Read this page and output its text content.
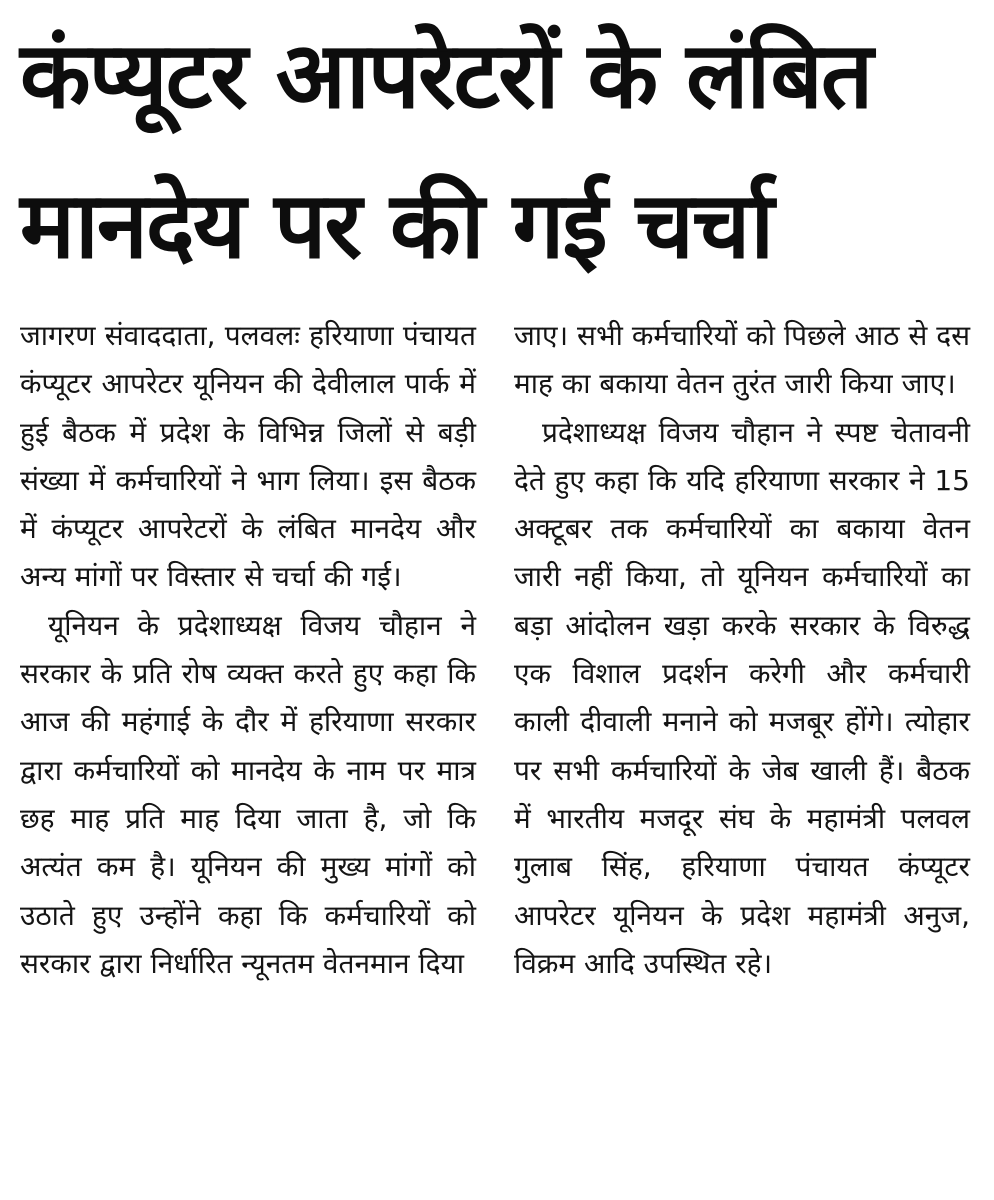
कंप्यूटर आपरेटरों के लंबित
मानदेय पर की गई चर्चा

जागरण संवाददाता, पलवलः हरियाणा पंचायत कंप्यूटर आपरेटर यूनियन की देवीलाल पार्क में हुई बैठक में प्रदेश के विभिन्न जिलों से बड़ी संख्या में कर्मचारियों ने भाग लिया। इस बैठक में कंप्यूटर आपरेटरों के लंबित मानदेय और अन्य मांगों पर विस्तार से चर्चा की गई।

यूनियन के प्रदेशाध्यक्ष विजय चौहान ने सरकार के प्रति रोष व्यक्त करते हुए कहा कि आज की महंगाई के दौर में हरियाणा सरकार द्वारा कर्मचारियों को मानदेय के नाम पर मात्र छह माह प्रति माह दिया जाता है, जो कि अत्यंत कम है। यूनियन की मुख्य मांगों को उठाते हुए उन्होंने कहा कि कर्मचारियों को सरकार द्वारा निर्धारित न्यूनतम वेतनमान दिया

जाए। सभी कर्मचारियों को पिछले आठ से दस माह का बकाया वेतन तुरंत जारी किया जाए।

प्रदेशाध्यक्ष विजय चौहान ने स्पष्ट चेतावनी देते हुए कहा कि यदि हरियाणा सरकार ने 15 अक्टूबर तक कर्मचारियों का बकाया वेतन जारी नहीं किया, तो यूनियन कर्मचारियों का बड़ा आंदोलन खड़ा करके सरकार के विरुद्ध एक विशाल प्रदर्शन करेगी और कर्मचारी काली दीवाली मनाने को मजबूर होंगे। त्योहार पर सभी कर्मचारियों के जेब खाली हैं। बैठक में भारतीय मजदूर संघ के महामंत्री पलवल गुलाब सिंह, हरियाणा पंचायत कंप्यूटर आपरेटर यूनियन के प्रदेश महामंत्री अनुज, विक्रम आदि उपस्थित रहे।
